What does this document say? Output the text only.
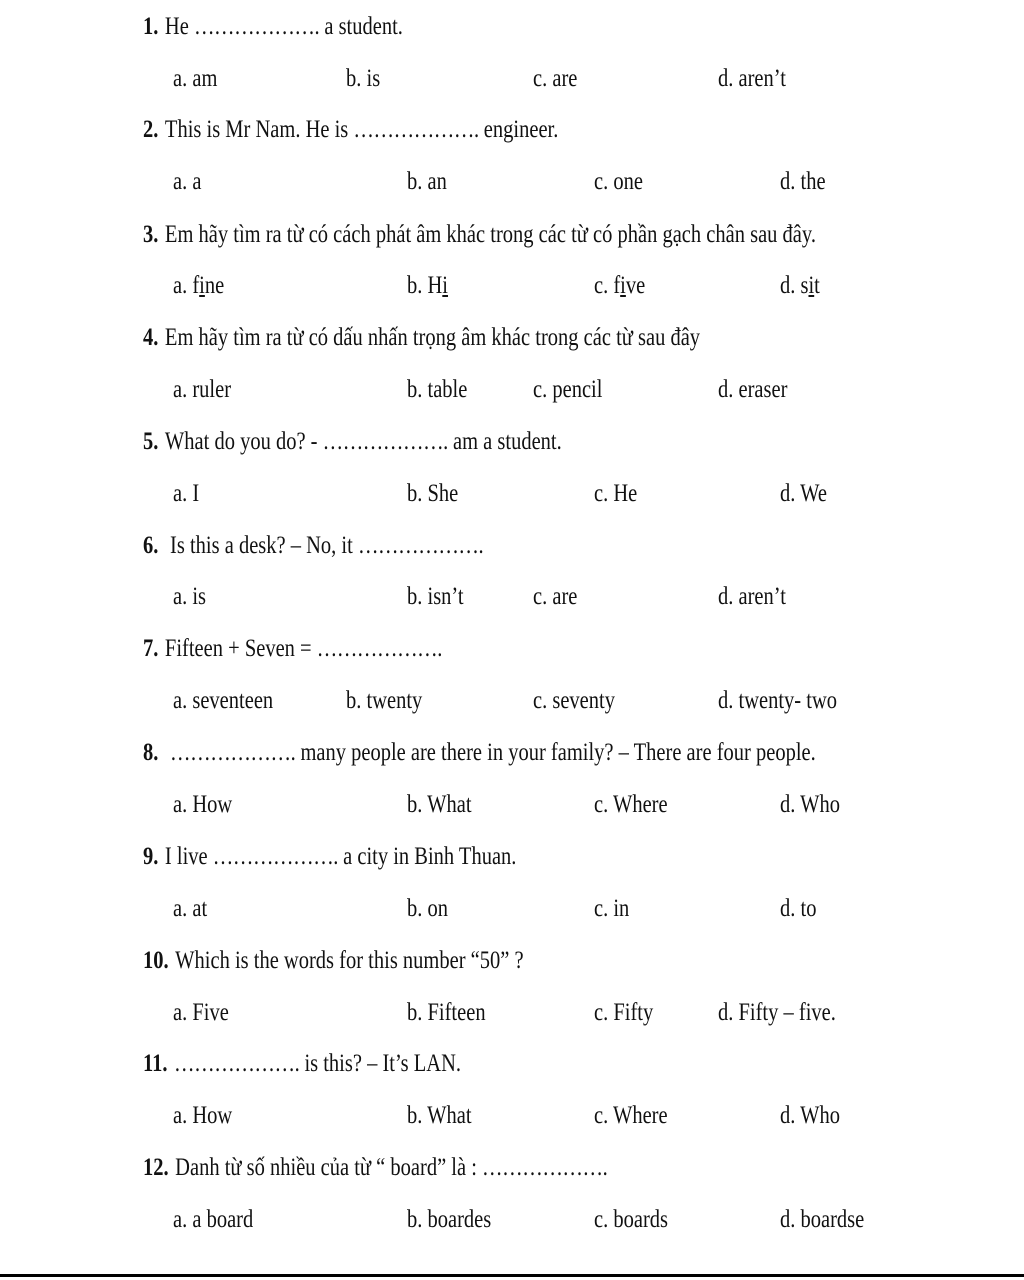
1. He ………………. a student.
a. am	b. is	c. are	d. aren’t
2. This is Mr Nam. He is ………………. engineer.
a. a	b. an	c. one	d. the
3. Em hãy tìm ra từ có cách phát âm khác trong các từ có phần gạch chân sau đây.
a. fine	b. Hi	c. five	d. sit
4. Em hãy tìm ra từ có dấu nhấn trọng âm khác trong các từ sau đây
a. ruler	b. table	c. pencil	d. eraser
5. What do you do? - ………………. am a student.
a. I	b. She	c. He	d. We
6. Is this a desk? – No, it ……………….
a. is	b. isn’t	c. are	d. aren’t
7. Fifteen + Seven = ……………….
a. seventeen	b. twenty	c. seventy	d. twenty- two
8. ………………. many people are there in your family? – There are four people.
a. How	b. What	c. Where	d. Who
9. I live ………………. a city in Binh Thuan.
a. at	b. on	c. in	d. to
10. Which is the words for this number “50” ?
a. Five	b. Fifteen	c. Fifty	d. Fifty – five.
11. ………………. is this? – It’s LAN.
a. How	b. What	c. Where	d. Who
12. Danh từ số nhiều của từ “ board” là : ……………….
a. a board	b. boardes	c. boards	d. boardse
